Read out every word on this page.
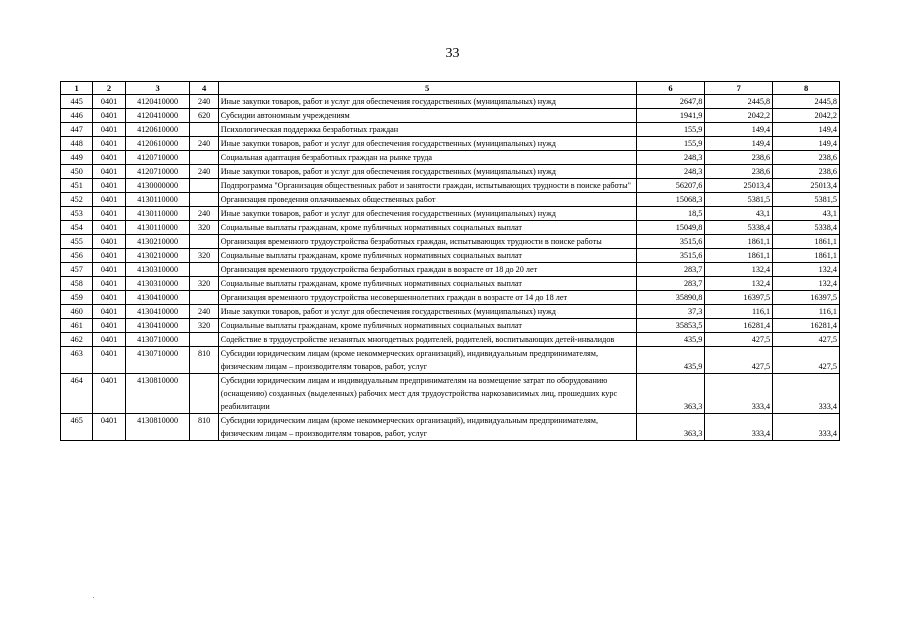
33
1	2	3	4	5	6	7	8
445	0401	4120410000	240	Иные закупки товаров, работ и услуг для обеспечения государственных (муниципальных) нужд	2647,8	2445,8	2445,8
446	0401	4120410000	620	Субсидии автономным учреждениям	1941,9	2042,2	2042,2
447	0401	4120610000		Психологическая поддержка безработных граждан	155,9	149,4	149,4
448	0401	4120610000	240	Иные закупки товаров, работ и услуг для обеспечения государственных (муниципальных) нужд	155,9	149,4	149,4
449	0401	4120710000		Социальная адаптация безработных граждан на рынке труда	248,3	238,6	238,6
450	0401	4120710000	240	Иные закупки товаров, работ и услуг для обеспечения государственных (муниципальных) нужд	248,3	238,6	238,6
451	0401	4130000000		Подпрограмма "Организация общественных работ и занятости граждан, испытывающих трудности в поиске работы"	56207,6	25013,4	25013,4
452	0401	4130110000		Организация проведения оплачиваемых общественных работ	15068,3	5381,5	5381,5
453	0401	4130110000	240	Иные закупки товаров, работ и услуг для обеспечения государственных (муниципальных) нужд	18,5	43,1	43,1
454	0401	4130110000	320	Социальные выплаты гражданам, кроме публичных нормативных социальных выплат	15049,8	5338,4	5338,4
455	0401	4130210000		Организация временного трудоустройства безработных граждан, испытывающих трудности в поиске работы	3515,6	1861,1	1861,1
456	0401	4130210000	320	Социальные выплаты гражданам, кроме публичных нормативных социальных выплат	3515,6	1861,1	1861,1
457	0401	4130310000		Организация временного трудоустройства безработных граждан в возрасте от 18 до 20 лет	283,7	132,4	132,4
458	0401	4130310000	320	Социальные выплаты гражданам, кроме публичных нормативных социальных выплат	283,7	132,4	132,4
459	0401	4130410000		Организация временного трудоустройства несовершеннолетних граждан в возрасте от 14 до 18 лет	35890,8	16397,5	16397,5
460	0401	4130410000	240	Иные закупки товаров, работ и услуг для обеспечения государственных (муниципальных) нужд	37,3	116,1	116,1
461	0401	4130410000	320	Социальные выплаты гражданам, кроме публичных нормативных социальных выплат	35853,5	16281,4	16281,4
462	0401	4130710000		Содействие в трудоустройстве незанятых многодетных родителей, родителей, воспитывающих детей-инвалидов	435,9	427,5	427,5
463	0401	4130710000	810	Субсидии юридическим лицам (кроме некоммерческих организаций), индивидуальным предпринимателям, физическим лицам – производителям товаров, работ, услуг	435,9	427,5	427,5
464	0401	4130810000		Субсидии юридическим лицам и индивидуальным предпринимателям на возмещение затрат по оборудованию (оснащению) созданных (выделенных) рабочих мест для трудоустройства наркозависимых лиц, прошедших курс реабилитации	363,3	333,4	333,4
465	0401	4130810000	810	Субсидии юридическим лицам (кроме некоммерческих организаций), индивидуальным предпринимателям, физическим лицам – производителям товаров, работ, услуг	363,3	333,4	333,4
